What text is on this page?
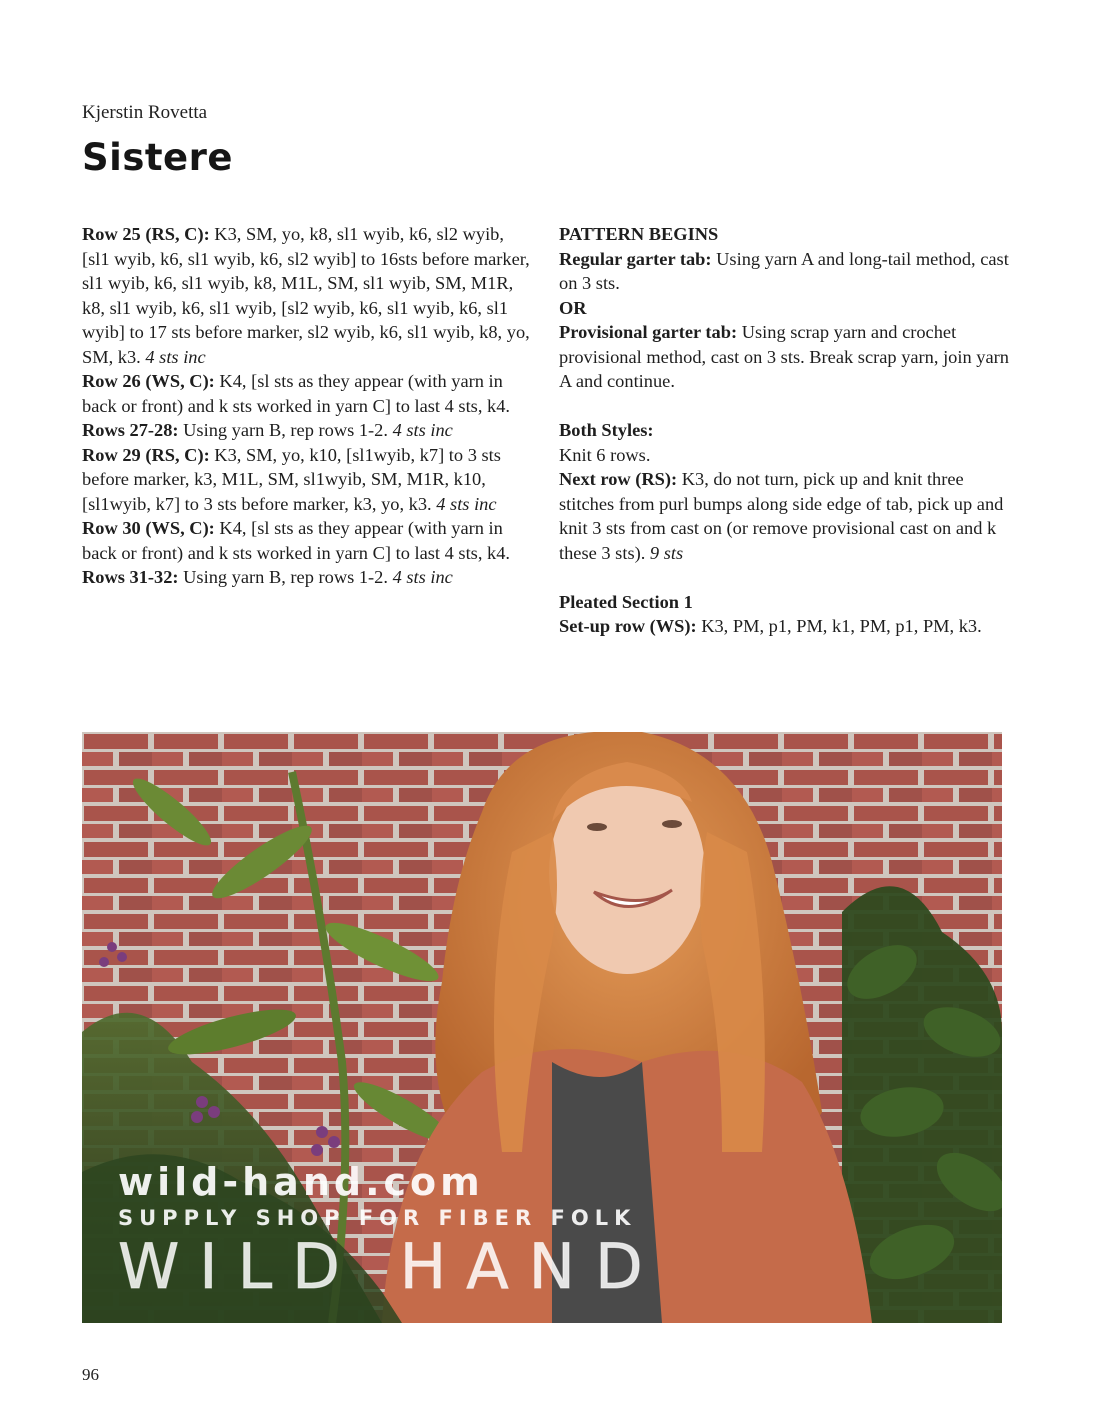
Kjerstin Rovetta
Sistere

Row 25 (RS, C): K3, SM, yo, k8, sl1 wyib, k6, sl2 wyib, [sl1 wyib, k6, sl1 wyib, k6, sl2 wyib] to 16sts before marker, sl1 wyib, k6, sl1 wyib, k8, M1L, SM, sl1 wyib, SM, M1R, k8, sl1 wyib, k6, sl1 wyib, [sl2 wyib, k6, sl1 wyib, k6, sl1 wyib] to 17 sts before marker, sl2 wyib, k6, sl1 wyib, k8, yo, SM, k3. 4 sts inc

Row 26 (WS, C): K4, [sl sts as they appear (with yarn in back or front) and k sts worked in yarn C] to last 4 sts, k4.

Rows 27-28: Using yarn B, rep rows 1-2. 4 sts inc

Row 29 (RS, C): K3, SM, yo, k10, [sl1wyib, k7] to 3 sts before marker, k3, M1L, SM, sl1wyib, SM, M1R, k10, [sl1wyib, k7] to 3 sts before marker, k3, yo, k3. 4 sts inc

Row 30 (WS, C): K4, [sl sts as they appear (with yarn in back or front) and k sts worked in yarn C] to last 4 sts, k4.

Rows 31-32: Using yarn B, rep rows 1-2. 4 sts inc

PATTERN BEGINS

Regular garter tab: Using yarn A and long-tail method, cast on 3 sts.

OR

Provisional garter tab: Using scrap yarn and crochet provisional method, cast on 3 sts. Break scrap yarn, join yarn A and continue.

Both Styles:

Knit 6 rows.

Next row (RS): K3, do not turn, pick up and knit three stitches from purl bumps along side edge of tab, pick up and knit 3 sts from cast on (or remove provisional cast on and k these 3 sts). 9 sts

Pleated Section 1

Set-up row (WS): K3, PM, p1, PM, k1, PM, p1, PM, k3.

wild-hand.com
SUPPLY SHOP FOR FIBER FOLK
WILD HAND
96
